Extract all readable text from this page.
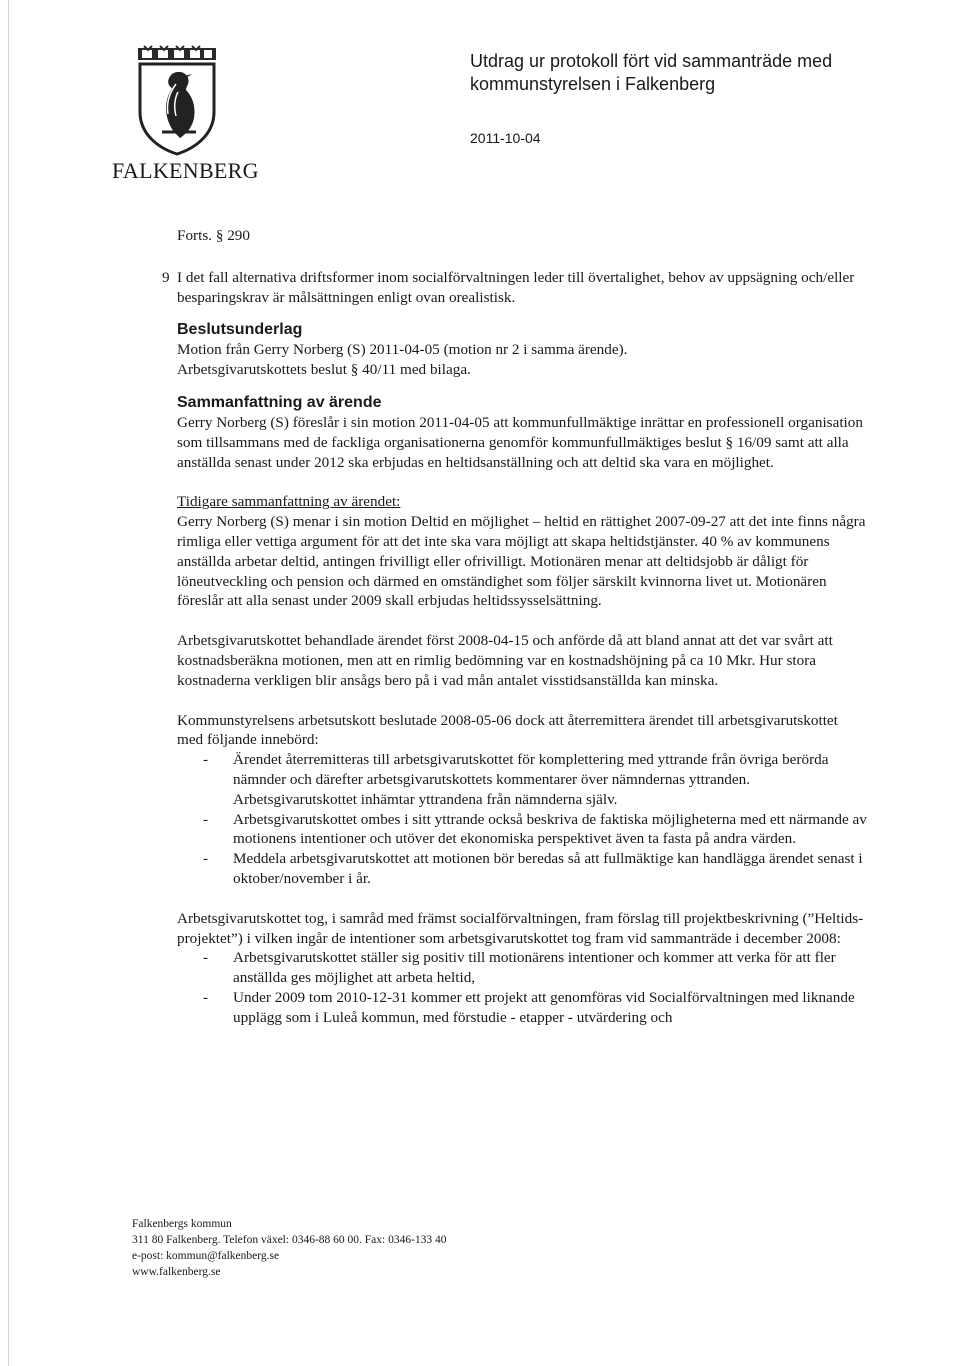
FALKENBERG
Utdrag ur protokoll fört vid sammanträde med kommunstyrelsen i Falkenberg
2011-10-04

Forts. § 290

9 I det fall alternativa driftsformer inom socialförvaltningen leder till övertalighet, behov av uppsägning och/eller besparingskrav är målsättningen enligt ovan orealistisk.

Beslutsunderlag

Motion från Gerry Norberg (S) 2011-04-05 (motion nr 2 i samma ärende).

Arbetsgivarutskottets beslut § 40/11 med bilaga.

Sammanfattning av ärende

Gerry Norberg (S) föreslår i sin motion 2011-04-05 att kommunfullmäktige inrättar en professionell organisation som tillsammans med de fackliga organisationerna genomför kommunfullmäktiges beslut § 16/09 samt att alla anställda senast under 2012 ska erbjudas en heltidsanställning och att deltid ska vara en möjlighet.

Tidigare sammanfattning av ärendet:

Gerry Norberg (S) menar i sin motion Deltid en möjlighet – heltid en rättighet 2007-09-27 att det inte finns några rimliga eller vettiga argument för att det inte ska vara möjligt att skapa heltidstjänster. 40 % av kommunens anställda arbetar deltid, antingen frivilligt eller ofrivilligt. Motionären menar att deltidsjobb är dåligt för löneutveckling och pension och därmed en omständighet som följer särskilt kvinnorna livet ut. Motionären föreslår att alla senast under 2009 skall erbjudas heltidssysselsättning.

Arbetsgivarutskottet behandlade ärendet först 2008-04-15 och anförde då att bland annat att det var svårt att kostnadsberäkna motionen, men att en rimlig bedömning var en kostnadshöjning på ca 10 Mkr. Hur stora kostnaderna verkligen blir ansågs bero på i vad mån antalet visstidsanställda kan minska.

Kommunstyrelsens arbetsutskott beslutade 2008-05-06 dock att återremittera ärendet till arbetsgivarutskottet med följande innebörd:

- Ärendet återremitteras till arbetsgivarutskottet för komplettering med yttrande från övriga berörda nämnder och därefter arbetsgivarutskottets kommentarer över nämndernas yttranden. Arbetsgivarutskottet inhämtar yttrandena från nämnderna själv.
- Arbetsgivarutskottet ombes i sitt yttrande också beskriva de faktiska möjligheterna med ett närmande av motionens intentioner och utöver det ekonomiska perspektivet även ta fasta på andra värden.
- Meddela arbetsgivarutskottet att motionen bör beredas så att fullmäktige kan handlägga ärendet senast i oktober/november i år.

Arbetsgivarutskottet tog, i samråd med främst socialförvaltningen, fram förslag till projektbeskrivning (”Heltids-projektet”) i vilken ingår de intentioner som arbetsgivarutskottet tog fram vid sammanträde i december 2008:

- Arbetsgivarutskottet ställer sig positiv till motionärens intentioner och kommer att verka för att fler anställda ges möjlighet att arbeta heltid,
- Under 2009 tom 2010-12-31 kommer ett projekt att genomföras vid Socialförvaltningen med liknande upplägg som i Luleå kommun, med förstudie - etapper - utvärdering och
Falkenbergs kommun
311 80 Falkenberg. Telefon växel: 0346-88 60 00. Fax: 0346-133 40
e-post: kommun@falkenberg.se
www.falkenberg.se
